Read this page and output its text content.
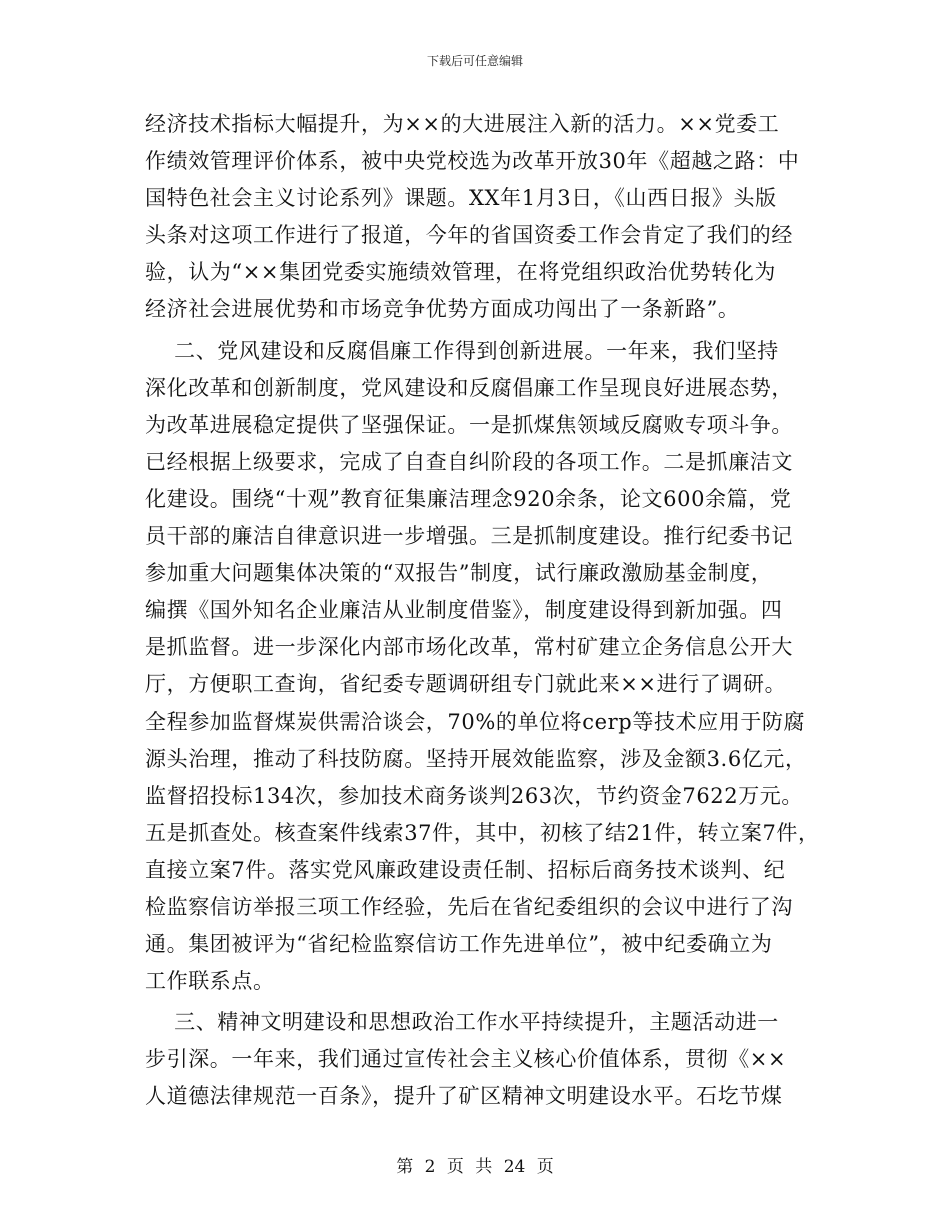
下载后可任意编辑
经济技术指标大幅提升，为××的大进展注入新的活力。××党委工
作绩效管理评价体系，被中央党校选为改革开放30年《超越之路：中
国特色社会主义讨论系列》课题。XX年1月3日，《山西日报》头版
头条对这项工作进行了报道，今年的省国资委工作会肯定了我们的经
验，认为“××集团党委实施绩效管理，在将党组织政治优势转化为
经济社会进展优势和市场竞争优势方面成功闯出了一条新路”。
二、党风建设和反腐倡廉工作得到创新进展。一年来，我们坚持
深化改革和创新制度，党风建设和反腐倡廉工作呈现良好进展态势，
为改革进展稳定提供了坚强保证。一是抓煤焦领域反腐败专项斗争。
已经根据上级要求，完成了自查自纠阶段的各项工作。二是抓廉洁文
化建设。围绕“十观”教育征集廉洁理念920余条，论文600余篇，党
员干部的廉洁自律意识进一步增强。三是抓制度建设。推行纪委书记
参加重大问题集体决策的“双报告”制度，试行廉政激励基金制度，
编撰《国外知名企业廉洁从业制度借鉴》，制度建设得到新加强。四
是抓监督。进一步深化内部市场化改革，常村矿建立企务信息公开大
厅，方便职工查询，省纪委专题调研组专门就此来××进行了调研。
全程参加监督煤炭供需洽谈会，70%的单位将cerp等技术应用于防腐
源头治理，推动了科技防腐。坚持开展效能监察，涉及金额3.6亿元，
监督招投标134次，参加技术商务谈判263次，节约资金7622万元。
五是抓查处。核查案件线索37件，其中，初核了结21件，转立案7件，
直接立案7件。落实党风廉政建设责任制、招标后商务技术谈判、纪
检监察信访举报三项工作经验，先后在省纪委组织的会议中进行了沟
通。集团被评为“省纪检监察信访工作先进单位”，被中纪委确立为
工作联系点。
三、精神文明建设和思想政治工作水平持续提升，主题活动进一
步引深。一年来，我们通过宣传社会主义核心价值体系，贯彻《××
人道德法律规范一百条》，提升了矿区精神文明建设水平。石圪节煤
第 2 页 共 24 页
